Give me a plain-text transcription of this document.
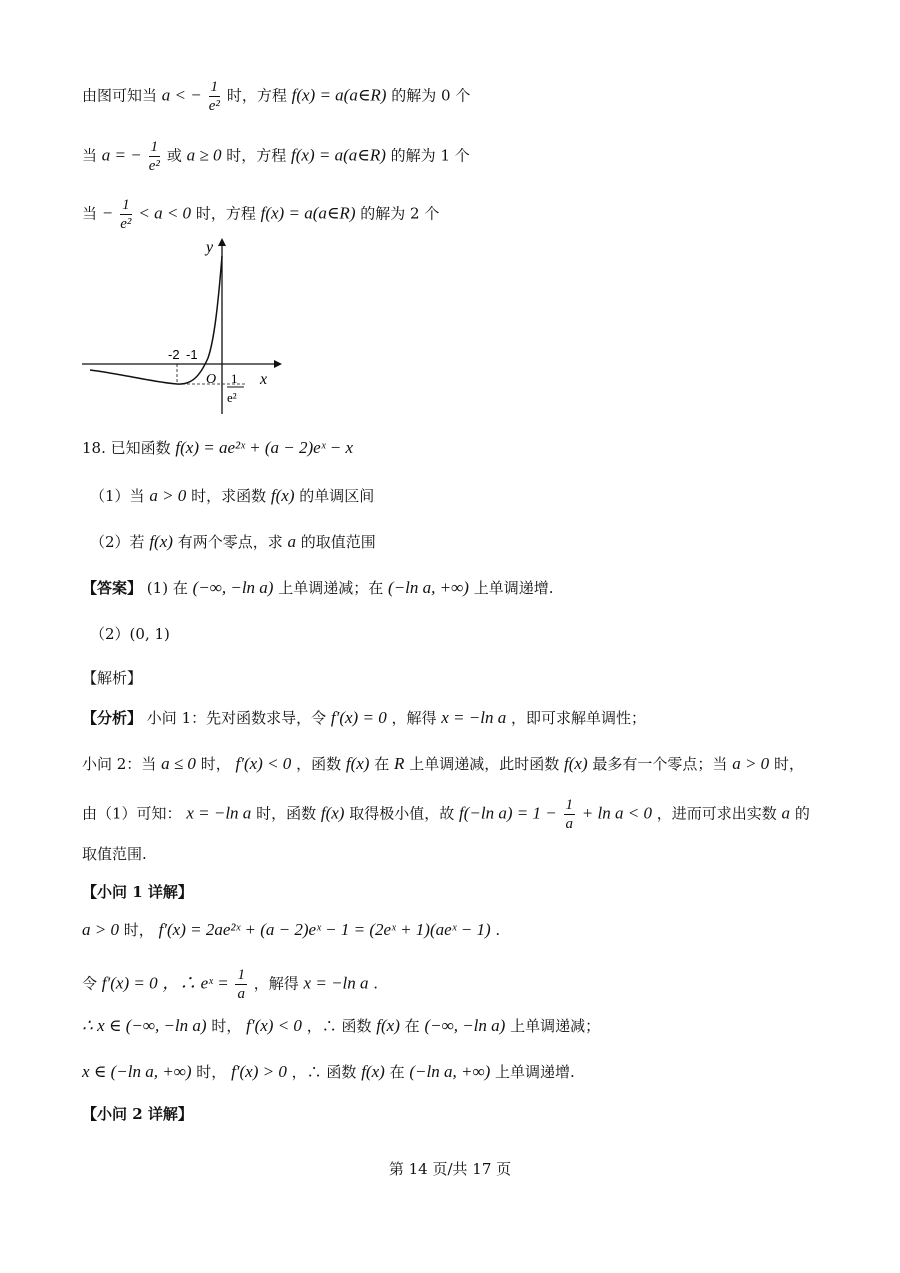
由图可知当 a < − $\frac{1}{\text{e²}}$ 时，方程 f(x) = a(a∈R) 的解为 0 个
当 a = − $\frac{1}{\text{e²}}$ 或 a ≥ 0 时，方程 f(x) = a(a∈R) 的解为 1 个
当 − $\frac{1}{\text{e²}} < a < 0$ 时，方程 f(x) = a(a∈R) 的解为 2 个
y
x
O
-2 -1
1
e²
18. 已知函数 f(x) = ae²ˣ + (a − 2)eˣ − x
（1）当 a > 0 时，求函数 f(x) 的单调区间
（2）若 f(x) 有两个零点，求 a 的取值范围
【答案】 (1) 在 (−∞, −ln a) 上单调递减；在 (−ln a, +∞) 上单调递增.
（2）(0, 1)
【解析】
【分析】 小问 1：先对函数求导，令 f′(x) = 0 ，解得 x = −ln a ，即可求解单调性；
小问 2：当 a ≤ 0 时， f′(x) < 0 ，函数 f(x) 在 R 上单调递减，此时函数 f(x) 最多有一个零点；当 a > 0 时，
由（1）可知： x = −ln a 时，函数 f(x) 取得极小值，故 f(−ln $a) = 1 - \frac{1}{a} + \ln a < 0$ ，进而可求出实数 a 的
取值范围.
【小问 1 详解】
a > 0 时， f′(x) = 2ae²ˣ + (a − 2)eˣ − 1 = (2eˣ + 1)(aeˣ − 1) .
令 f′(x) = 0 ，∴ eˣ = $\frac{1}{a}$ ，解得 x = −ln a .
∴ x ∈ (−∞, −ln a) 时， f′(x) < 0 ，∴ 函数 f(x) 在 (−∞, −ln a) 上单调递减；
x ∈ (−ln a, +∞) 时， f′(x) > 0 ，∴ 函数 f(x) 在 (−ln a, +∞) 上单调递增.
【小问 2 详解】
第 14 页/共 17 页
